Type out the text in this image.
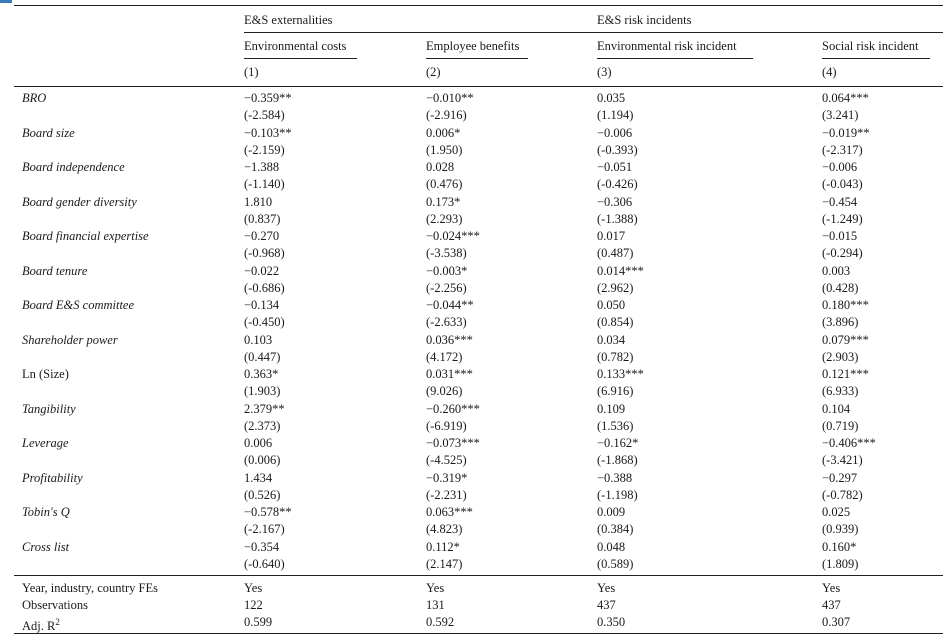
E&S externalities	E&S risk incidents
Environmental costs	Employee benefits	Environmental risk incident	Social risk incident
(1)	(2)	(3)	(4)
BRO	−0.359**	−0.010**	0.035	0.064***
(-2.584)	(-2.916)	(1.194)	(3.241)
Board size	−0.103**	0.006*	−0.006	−0.019**
(-2.159)	(1.950)	(-0.393)	(-2.317)
Board independence	−1.388	0.028	−0.051	−0.006
(-1.140)	(0.476)	(-0.426)	(-0.043)
Board gender diversity	1.810	0.173*	−0.306	−0.454
(0.837)	(2.293)	(-1.388)	(-1.249)
Board financial expertise	−0.270	−0.024***	0.017	−0.015
(-0.968)	(-3.538)	(0.487)	(-0.294)
Board tenure	−0.022	−0.003*	0.014***	0.003
(-0.686)	(-2.256)	(2.962)	(0.428)
Board E&S committee	−0.134	−0.044**	0.050	0.180***
(-0.450)	(-2.633)	(0.854)	(3.896)
Shareholder power	0.103	0.036***	0.034	0.079***
(0.447)	(4.172)	(0.782)	(2.903)
Ln (Size)	0.363*	0.031***	0.133***	0.121***
(1.903)	(9.026)	(6.916)	(6.933)
Tangibility	2.379**	−0.260***	0.109	0.104
(2.373)	(-6.919)	(1.536)	(0.719)
Leverage	0.006	−0.073***	−0.162*	−0.406***
(0.006)	(-4.525)	(-1.868)	(-3.421)
Profitability	1.434	−0.319*	−0.388	−0.297
(0.526)	(-2.231)	(-1.198)	(-0.782)
Tobin's Q	−0.578**	0.063***	0.009	0.025
(-2.167)	(4.823)	(0.384)	(0.939)
Cross list	−0.354	0.112*	0.048	0.160*
(-0.640)	(2.147)	(0.589)	(1.809)
Year, industry, country FEs	Yes	Yes	Yes	Yes
Observations	122	131	437	437
Adj. $R^2$	0.599	0.592	0.350	0.307
